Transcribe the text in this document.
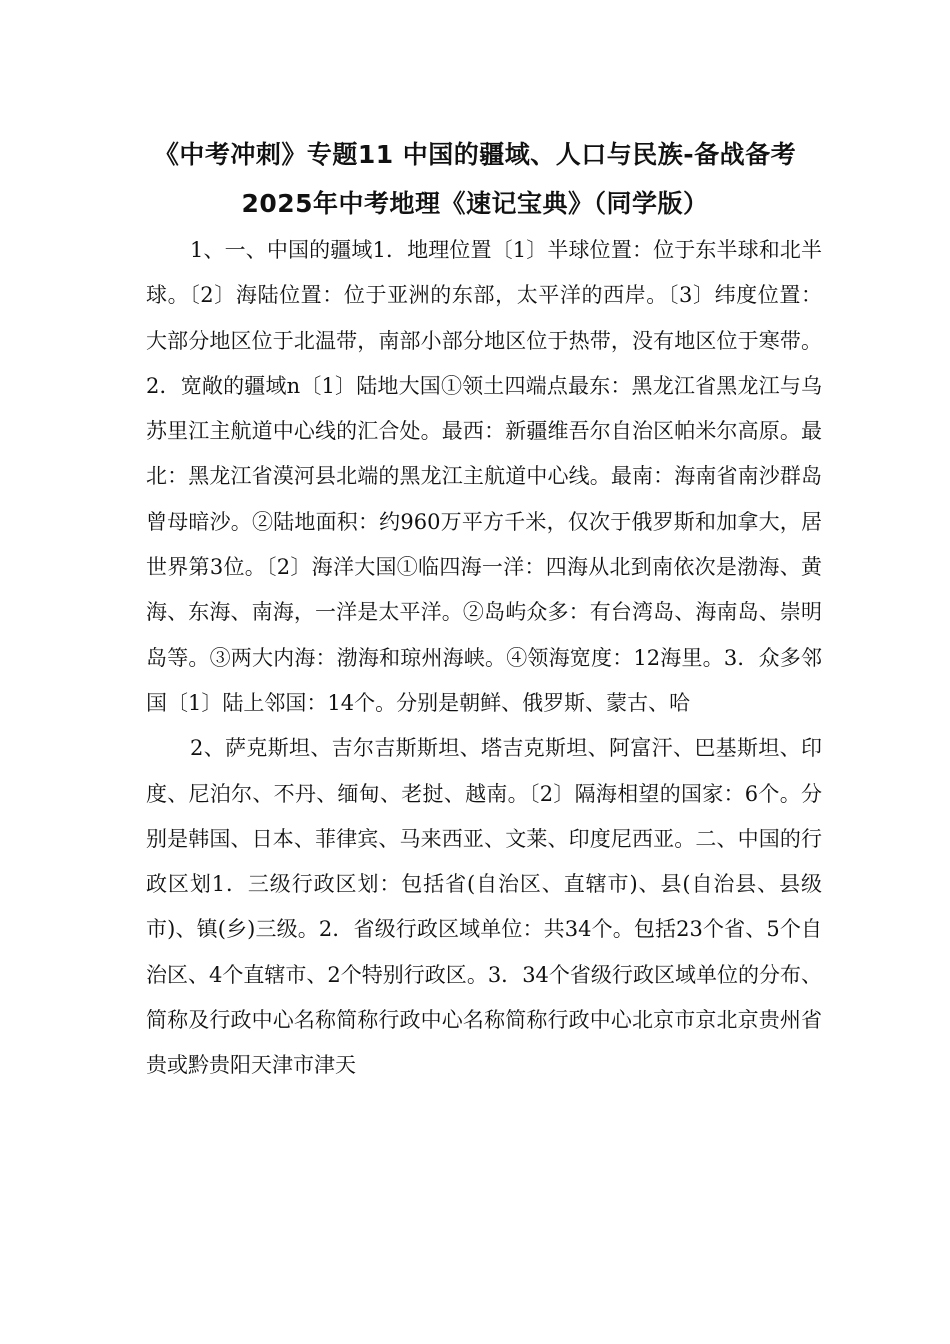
《中考冲刺》专题11 中国的疆域、人口与民族-备战备考
2025年中考地理《速记宝典》（同学版）

1、一、中国的疆域1．地理位置〔1〕半球位置：位于东半球和北半球。〔2〕海陆位置：位于亚洲的东部，太平洋的西岸。〔3〕纬度位置：大部分地区位于北温带，南部小部分地区位于热带，没有地区位于寒带。2．宽敞的疆域n〔1〕陆地大国①领土四端点最东：黑龙江省黑龙江与乌苏里江主航道中心线的汇合处。最西：新疆维吾尔自治区帕米尔高原。最北：黑龙江省漠河县北端的黑龙江主航道中心线。最南：海南省南沙群岛曾母暗沙。②陆地面积：约960万平方千米，仅次于俄罗斯和加拿大，居世界第3位。〔2〕海洋大国①临四海一洋：四海从北到南依次是渤海、黄海、东海、南海，一洋是太平洋。②岛屿众多：有台湾岛、海南岛、崇明岛等。③两大内海：渤海和琼州海峡。④领海宽度：12海里。3．众多邻国〔1〕陆上邻国：14个。分别是朝鲜、俄罗斯、蒙古、哈

2、萨克斯坦、吉尔吉斯斯坦、塔吉克斯坦、阿富汗、巴基斯坦、印度、尼泊尔、不丹、缅甸、老挝、越南。〔2〕隔海相望的国家：6个。分别是韩国、日本、菲律宾、马来西亚、文莱、印度尼西亚。二、中国的行政区划1．三级行政区划：包括省(自治区、直辖市)、县(自治县、县级市)、镇(乡)三级。2．省级行政区域单位：共34个。包括23个省、5个自治区、4个直辖市、2个特别行政区。3．34个省级行政区域单位的分布、简称及行政中心名称简称行政中心名称简称行政中心北京市京北京贵州省贵或黔贵阳天津市津天
